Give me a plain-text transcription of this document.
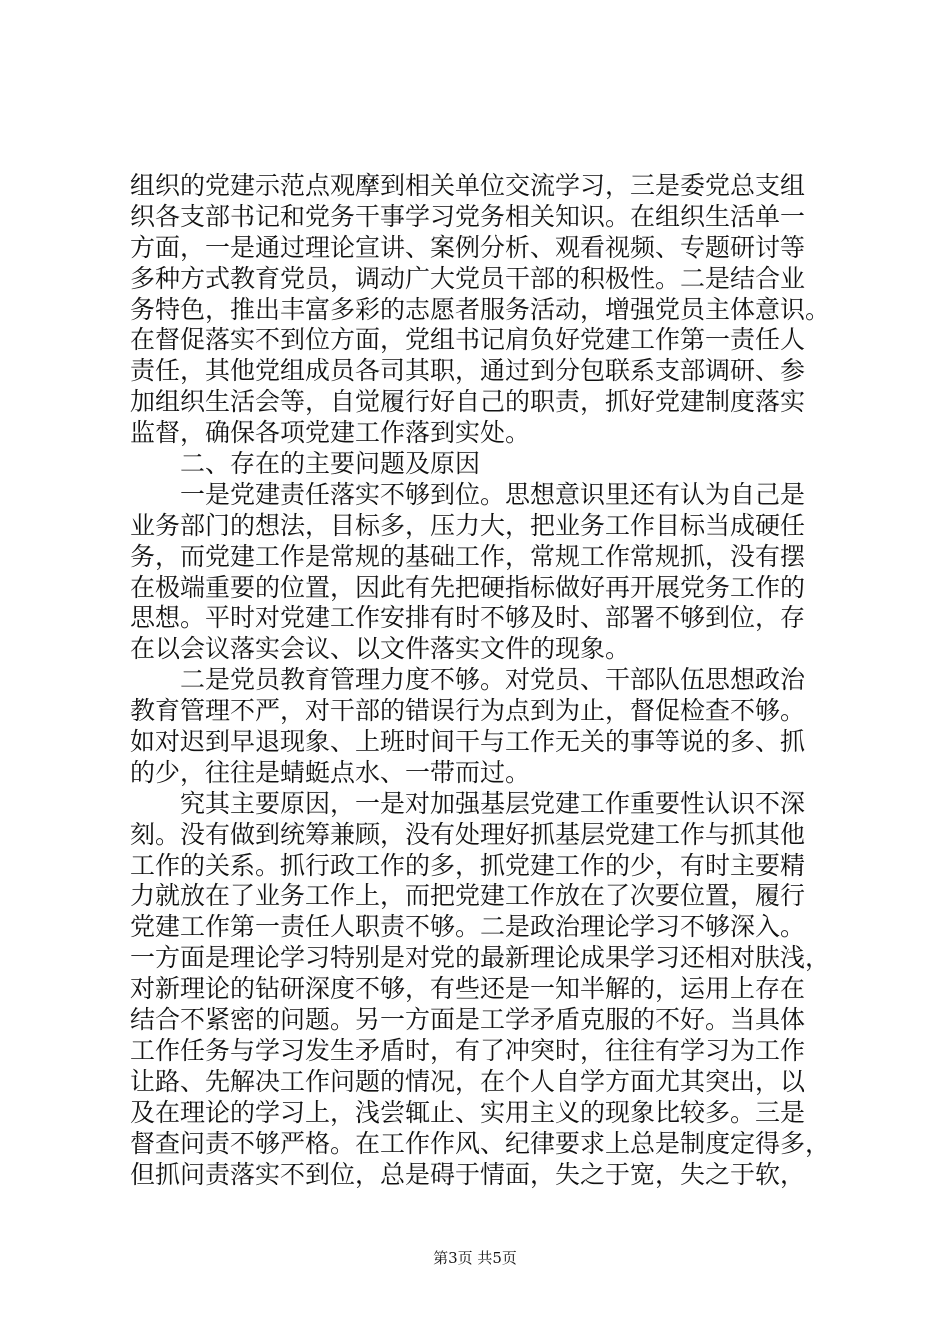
组织的党建示范点观摩到相关单位交流学习，三是委党总支组
织各支部书记和党务干事学习党务相关知识。在组织生活单一
方面，一是通过理论宣讲、案例分析、观看视频、专题研讨等
多种方式教育党员，调动广大党员干部的积极性。二是结合业
务特色，推出丰富多彩的志愿者服务活动，增强党员主体意识。
在督促落实不到位方面，党组书记肩负好党建工作第一责任人
责任，其他党组成员各司其职，通过到分包联系支部调研、参
加组织生活会等，自觉履行好自己的职责，抓好党建制度落实
监督，确保各项党建工作落到实处。
　　二、存在的主要问题及原因
　　一是党建责任落实不够到位。思想意识里还有认为自己是
业务部门的想法，目标多，压力大，把业务工作目标当成硬任
务，而党建工作是常规的基础工作，常规工作常规抓，没有摆
在极端重要的位置，因此有先把硬指标做好再开展党务工作的
思想。平时对党建工作安排有时不够及时、部署不够到位，存
在以会议落实会议、以文件落实文件的现象。
　　二是党员教育管理力度不够。对党员、干部队伍思想政治
教育管理不严，对干部的错误行为点到为止，督促检查不够。
如对迟到早退现象、上班时间干与工作无关的事等说的多、抓
的少，往往是蜻蜓点水、一带而过。
　　究其主要原因，一是对加强基层党建工作重要性认识不深
刻。没有做到统筹兼顾，没有处理好抓基层党建工作与抓其他
工作的关系。抓行政工作的多，抓党建工作的少，有时主要精
力就放在了业务工作上，而把党建工作放在了次要位置，履行
党建工作第一责任人职责不够。二是政治理论学习不够深入。
一方面是理论学习特别是对党的最新理论成果学习还相对肤浅，
对新理论的钻研深度不够，有些还是一知半解的，运用上存在
结合不紧密的问题。另一方面是工学矛盾克服的不好。当具体
工作任务与学习发生矛盾时，有了冲突时，往往有学习为工作
让路、先解决工作问题的情况，在个人自学方面尤其突出，以
及在理论的学习上，浅尝辄止、实用主义的现象比较多。三是
督查问责不够严格。在工作作风、纪律要求上总是制度定得多，
但抓问责落实不到位，总是碍于情面，失之于宽，失之于软，
第3页 共5页
